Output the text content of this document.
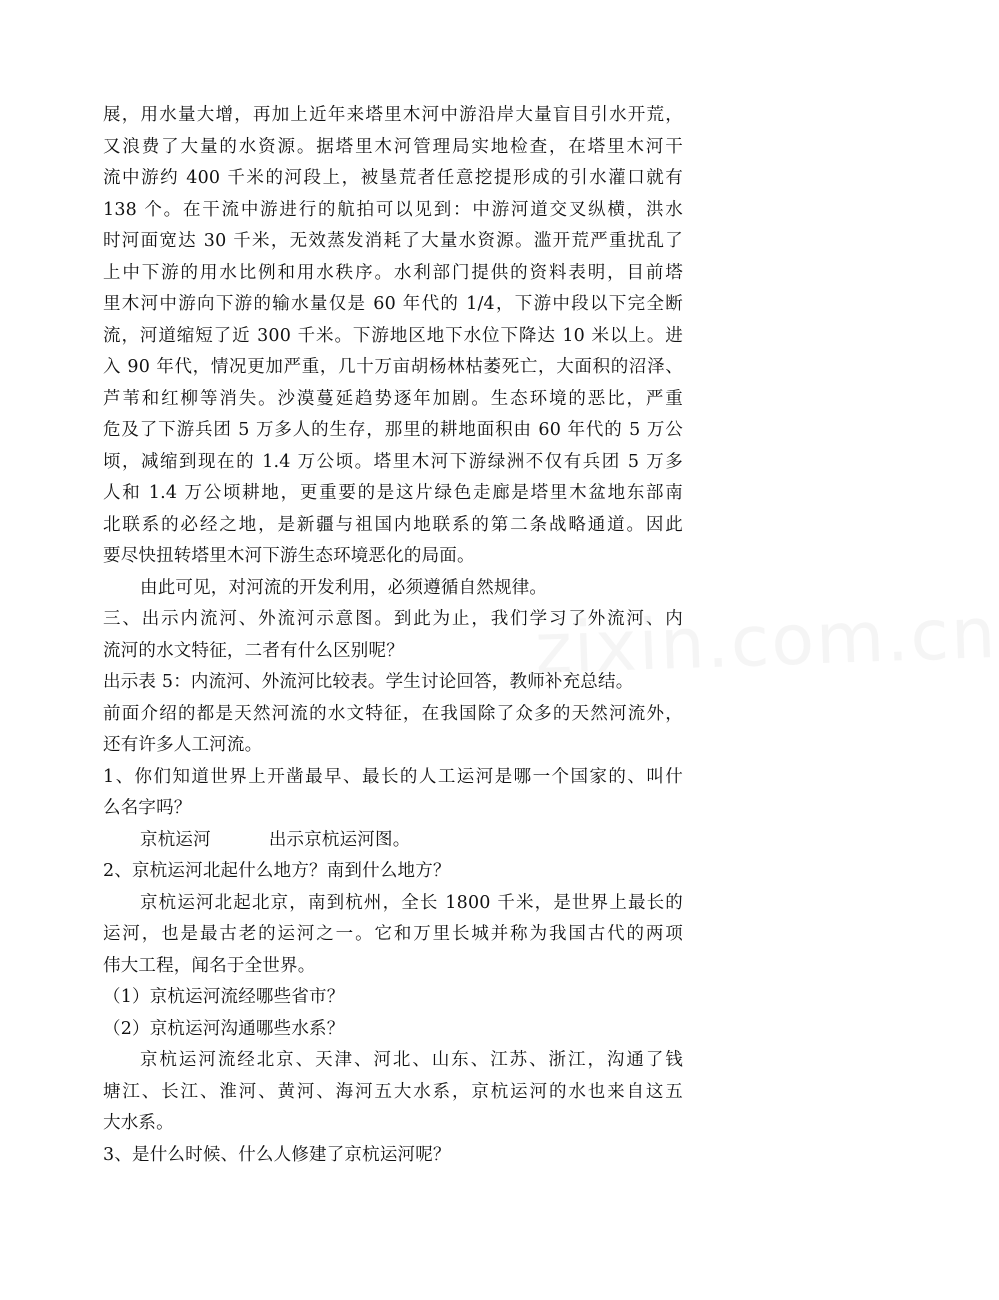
展，用水量大增，再加上近年来塔里木河中游沿岸大量盲目引水开荒，
又浪费了大量的水资源。据塔里木河管理局实地检查，在塔里木河干
流中游约 400 千米的河段上，被垦荒者任意挖提形成的引水灌口就有
138 个。在干流中游进行的航拍可以见到：中游河道交叉纵横，洪水
时河面宽达 30 千米，无效蒸发消耗了大量水资源。滥开荒严重扰乱了
上中下游的用水比例和用水秩序。水利部门提供的资料表明，目前塔
里木河中游向下游的输水量仅是 60 年代的 1/4，下游中段以下完全断
流，河道缩短了近 300 千米。下游地区地下水位下降达 10 米以上。进
入 90 年代，情况更加严重，几十万亩胡杨林枯萎死亡，大面积的沼泽、
芦苇和红柳等消失。沙漠蔓延趋势逐年加剧。生态环境的恶比，严重
危及了下游兵团 5 万多人的生存，那里的耕地面积由 60 年代的 5 万公
顷，减缩到现在的 1.4 万公顷。塔里木河下游绿洲不仅有兵团 5 万多
人和 1.4 万公顷耕地，更重要的是这片绿色走廊是塔里木盆地东部南
北联系的必经之地，是新疆与祖国内地联系的第二条战略通道。因此
要尽快扭转塔里木河下游生态环境恶化的局面。
由此可见，对河流的开发利用，必须遵循自然规律。
三、出示内流河、外流河示意图。到此为止，我们学习了外流河、内
流河的水文特征，二者有什么区别呢？
出示表 5：内流河、外流河比较表。学生讨论回答，教师补充总结。
前面介绍的都是天然河流的水文特征，在我国除了众多的天然河流外，
还有许多人工河流。
1、你们知道世界上开凿最早、最长的人工运河是哪一个国家的、叫什
么名字吗？
京杭运河	出示京杭运河图。
2、京杭运河北起什么地方？南到什么地方？
京杭运河北起北京，南到杭州，全长 1800 千米，是世界上最长的
运河，也是最古老的运河之一。它和万里长城并称为我国古代的两项
伟大工程，闻名于全世界。
（1）京杭运河流经哪些省市？
（2）京杭运河沟通哪些水系？
京杭运河流经北京、天津、河北、山东、江苏、浙江，沟通了钱
塘江、长江、淮河、黄河、海河五大水系，京杭运河的水也来自这五
大水系。
3、是什么时候、什么人修建了京杭运河呢？
zixin.com.cn
